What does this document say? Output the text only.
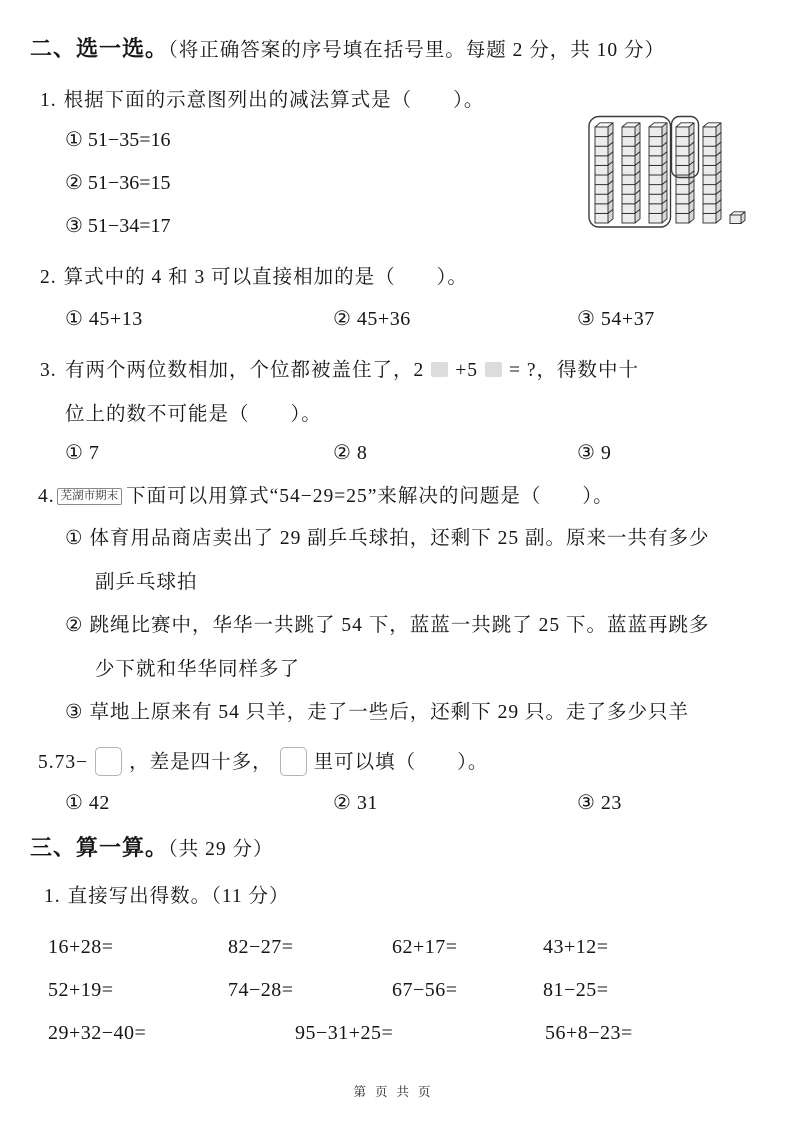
二、选一选。（将正确答案的序号填在括号里。每题 2 分，共 10 分）
1. 根据下面的示意图列出的减法算式是（　　）。
① 51−35=16
② 51−36=15
③ 51−34=17
2. 算式中的 4 和 3 可以直接相加的是（　　）。
① 45+13	② 45+36	③ 54+37
3. 有两个两位数相加，个位都被盖住了，2 +5 = ?，得数中十
位上的数不可能是（　　）。
① 7	② 8	③ 9
4. 芜湖市期末 下面可以用算式“54−29=25”来解决的问题是（　　）。
① 体育用品商店卖出了 29 副乒乓球拍，还剩下 25 副。原来一共有多少副乒乓球拍
② 跳绳比赛中，华华一共跳了 54 下，蓝蓝一共跳了 25 下。蓝蓝再跳多少下就和华华同样多了
③ 草地上原来有 54 只羊，走了一些后，还剩下 29 只。走了多少只羊
5.73− ，差是四十多， 里可以填（　　）。
① 42	② 31	③ 23
三、算一算。（共 29 分）
1. 直接写出得数。（11 分）
16+28=	82−27=	62+17=	43+12=
52+19=	74−28=	67−56=	81−25=
29+32−40=	95−31+25=	56+8−23=
第页共页
